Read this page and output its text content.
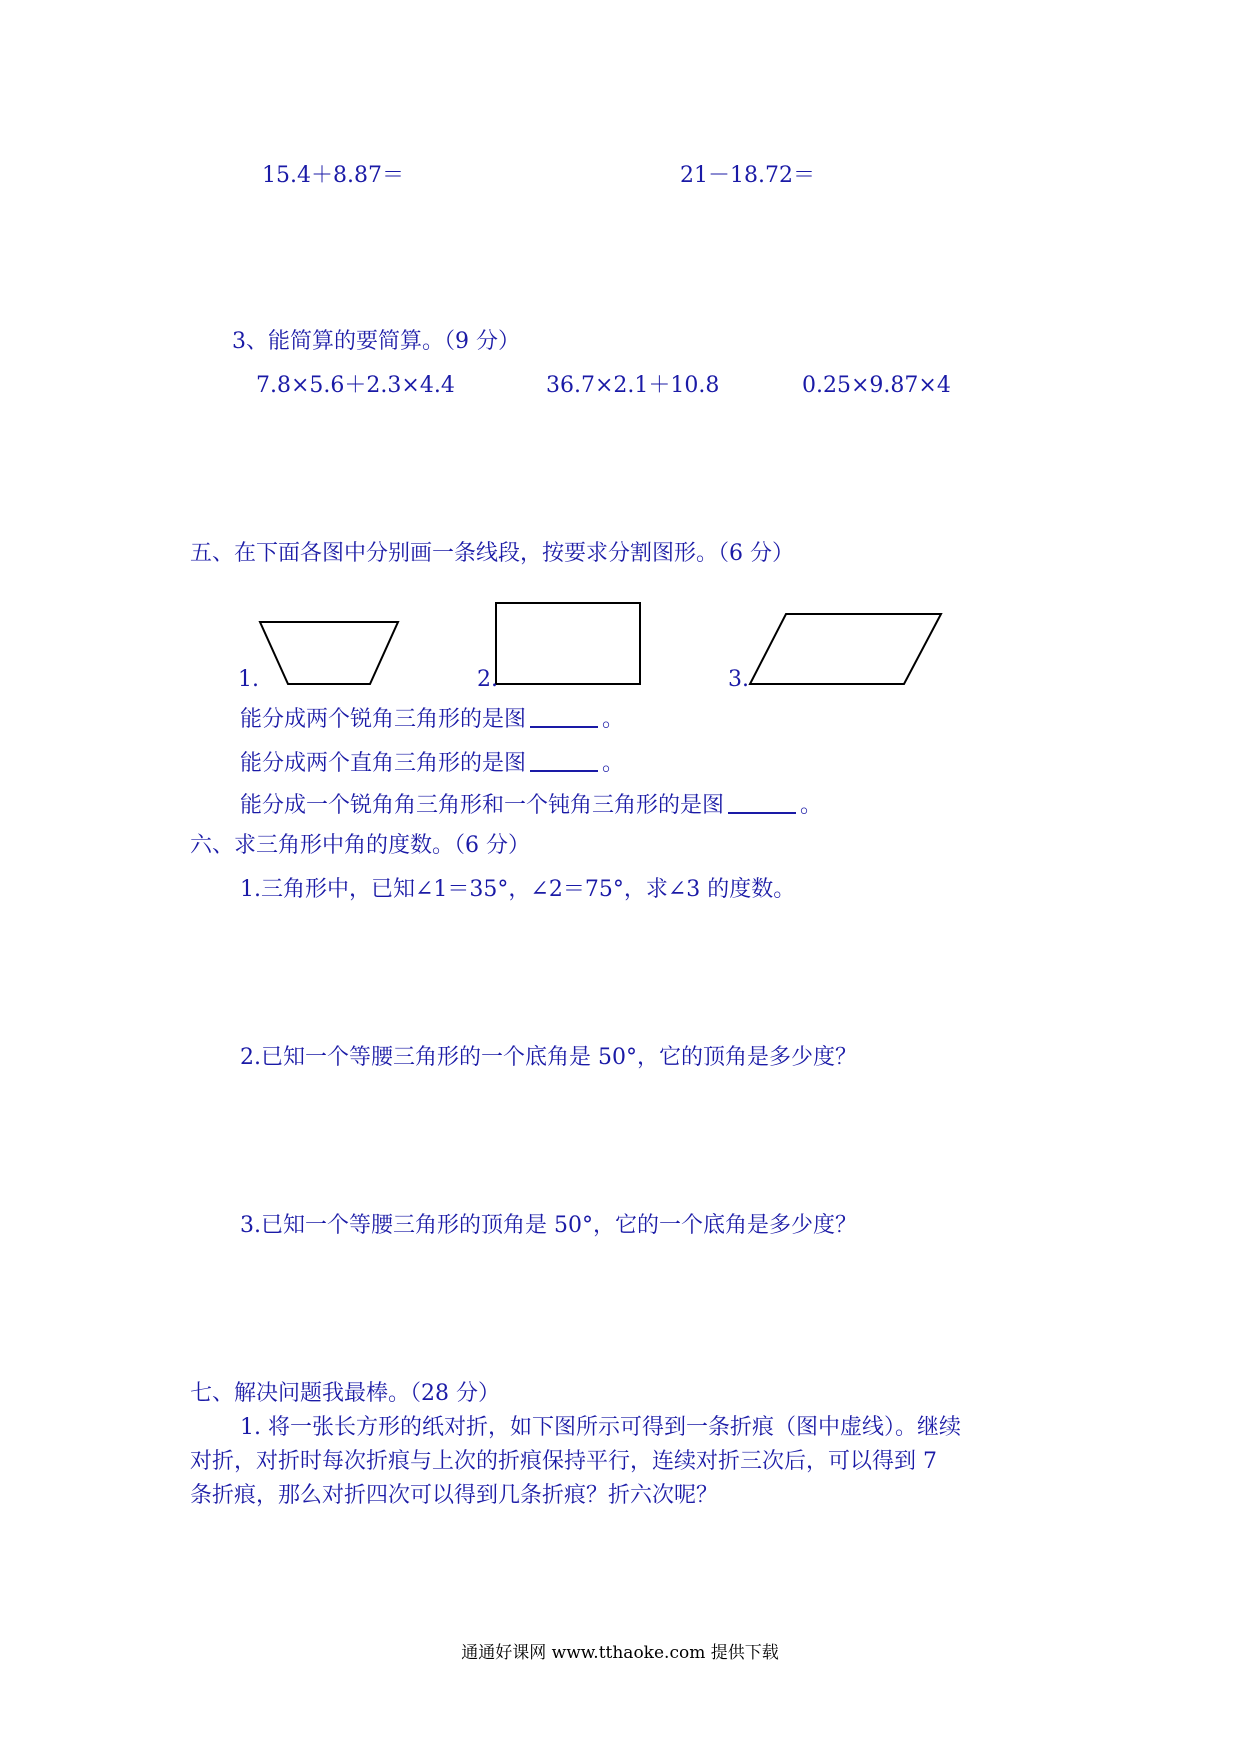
15.4＋8.87＝	21－18.72＝
3、能简算的要简算。（9 分）
7.8×5.6＋2.3×4.4	36.7×2.1＋10.8	0.25×9.87×4
五、在下面各图中分别画一条线段，按要求分割图形。（6 分）
1.	2.	3.
能分成两个锐角三角形的是图	。
能分成两个直角三角形的是图	。
能分成一个锐角角三角形和一个钝角三角形的是图	。
六、求三角形中角的度数。（6 分）
1.三角形中，已知∠1＝35°，∠2＝75°，求∠3 的度数。
2.已知一个等腰三角形的一个底角是 50°，它的顶角是多少度？
3.已知一个等腰三角形的顶角是 50°，它的一个底角是多少度？
七、解决问题我最棒。（28 分）
1. 将一张长方形的纸对折，如下图所示可得到一条折痕（图中虚线）。继续
对折，对折时每次折痕与上次的折痕保持平行，连续对折三次后，可以得到 7
条折痕，那么对折四次可以得到几条折痕？折六次呢？
通通好课网 www.tthaoke.com 提供下载
